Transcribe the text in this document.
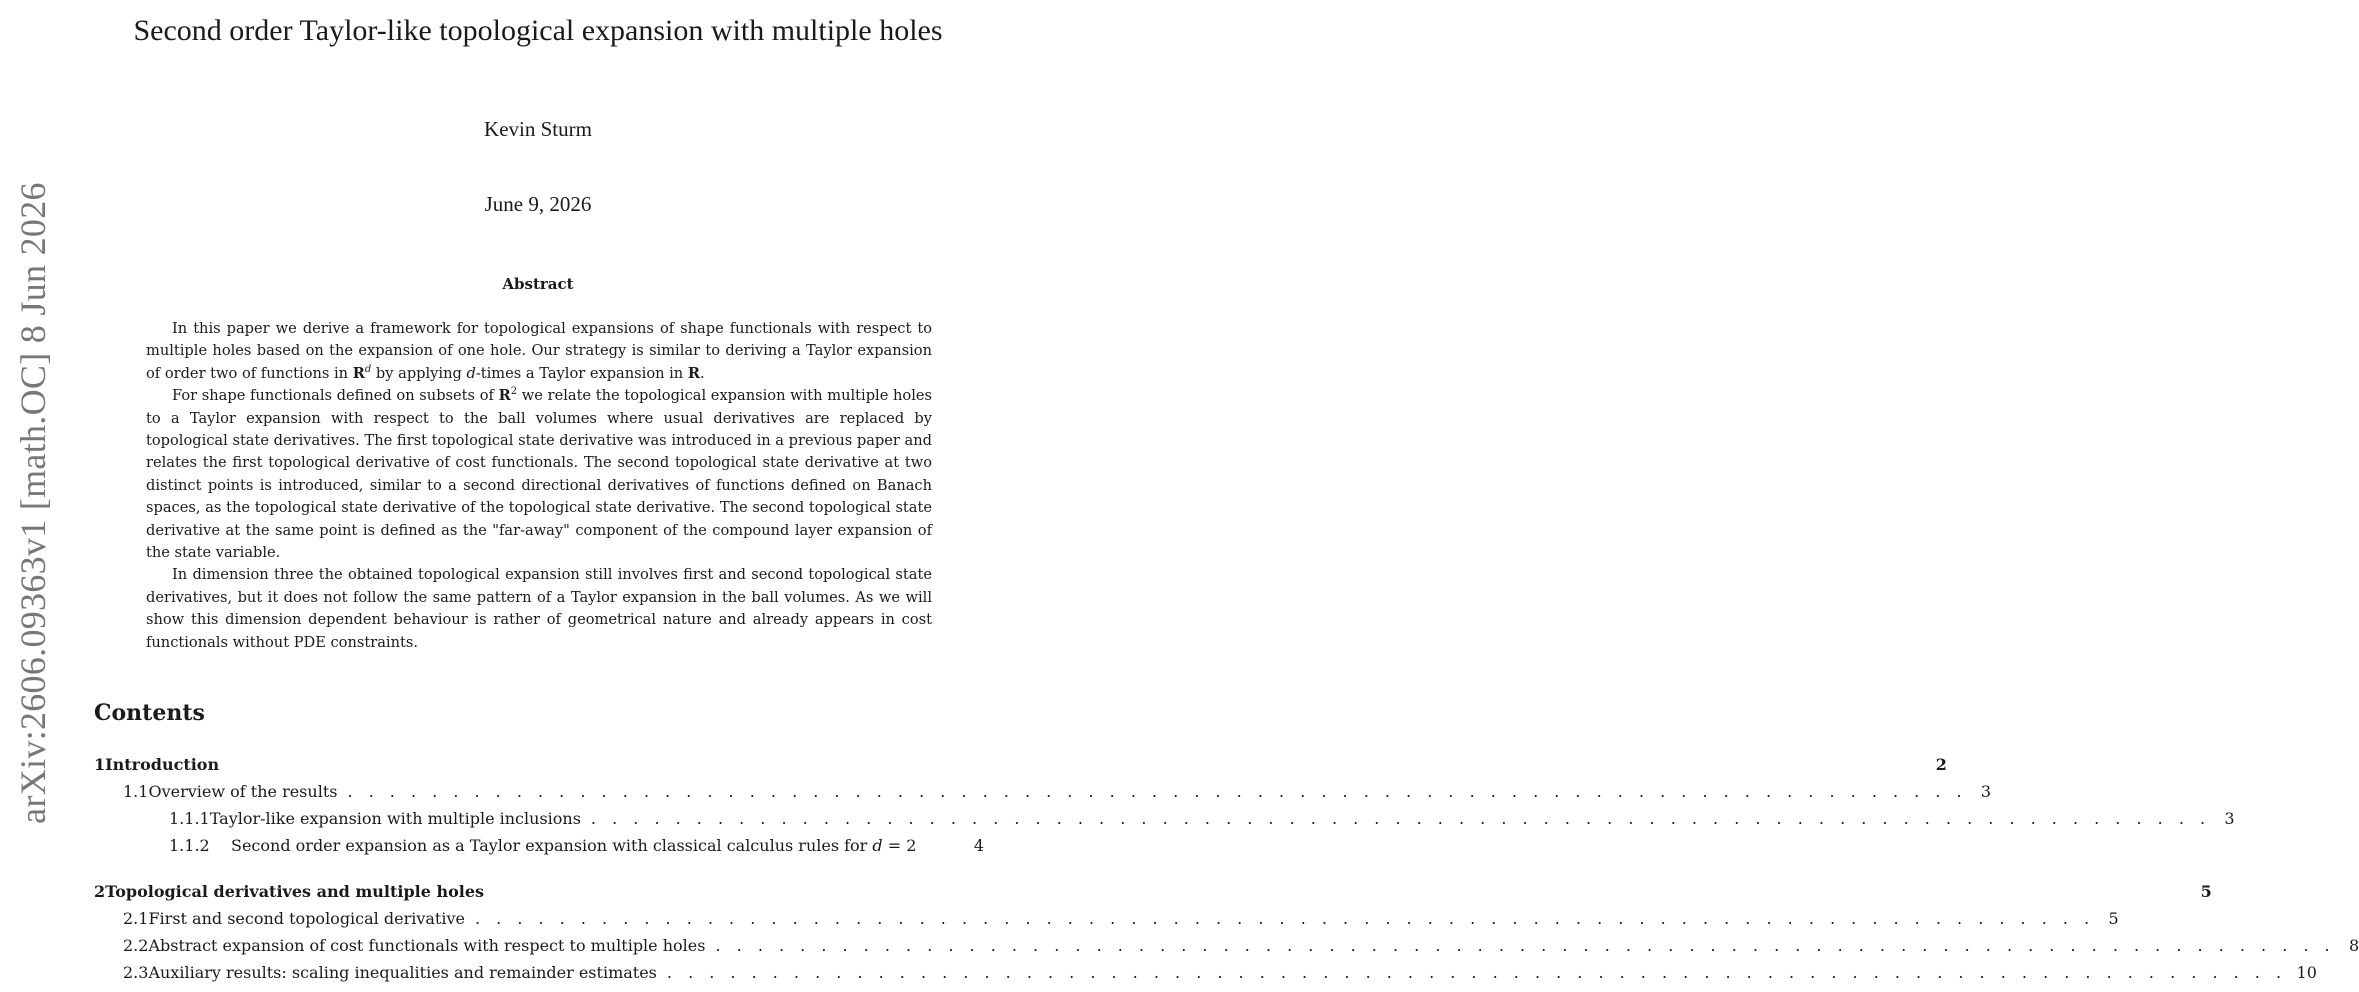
arXiv:2606.09363v1 [math.OC] 8 Jun 2026
Second order Taylor-like topological expansion with multiple holes
Kevin Sturm
June 9, 2026
Abstract

In this paper we derive a framework for topological expansions of shape functionals with respect to multiple holes based on the expansion of one hole. Our strategy is similar to deriving a Taylor expansion of order two of functions in $R^d$ by applying d-times a Taylor expansion in R.

For shape functionals defined on subsets of $R^2$ we relate the topological expansion with multiple holes to a Taylor expansion with respect to the ball volumes where usual derivatives are replaced by topological state derivatives. The first topological state derivative was introduced in a previous paper and relates the first topological derivative of cost functionals. The second topological state derivative at two distinct points is introduced, similar to a second directional derivatives of functions defined on Banach spaces, as the topological state derivative of the topological state derivative. The second topological state derivative at the same point is defined as the "far-away" component of the compound layer expansion of the state variable.

In dimension three the obtained topological expansion still involves first and second topological state derivatives, but it does not follow the same pattern of a Taylor expansion in the ball volumes. As we will show this dimension dependent behaviour is rather of geometrical nature and already appears in cost functionals without PDE constraints.

Contents
1 Introduction	2
1.1 Overview of the results . . . . . . . . . . . . . . . . . . . . . . . . . . . . . . . . . . . . . . . . . . . . . . . . . . . . . . . . . . . . . . . . . . . . . . . . . . . . . 3
1.1.1 Taylor-like expansion with multiple inclusions . . . . . . . . . . . . . . . . . . . . . . . . . . . . . . . . . . . . . . . . . . . . . . . . . . . . . . . . . . . . . . . . . . . . . . . . . . . . . 3
1.1.2	Second order expansion as a Taylor expansion with classical calculus rules for d = 2	4
2 Topological derivatives and multiple holes	5
2.1 First and second topological derivative . . . . . . . . . . . . . . . . . . . . . . . . . . . . . . . . . . . . . . . . . . . . . . . . . . . . . . . . . . . . . . . . . . . . . . . . . . . . . 5
2.2 Abstract expansion of cost functionals with respect to multiple holes . . . . . . . . . . . . . . . . . . . . . . . . . . . . . . . . . . . . . . . . . . . . . . . . . . . . . . . . . . . . . . . . . . . . . . . . . . . . . 8
2.3 Auxiliary results: scaling inequalities and remainder estimates . . . . . . . . . . . . . . . . . . . . . . . . . . . . . . . . . . . . . . . . . . . . . . . . . . . . . . . . . . . . . . . . . . . . . . . . . . . . . 10
